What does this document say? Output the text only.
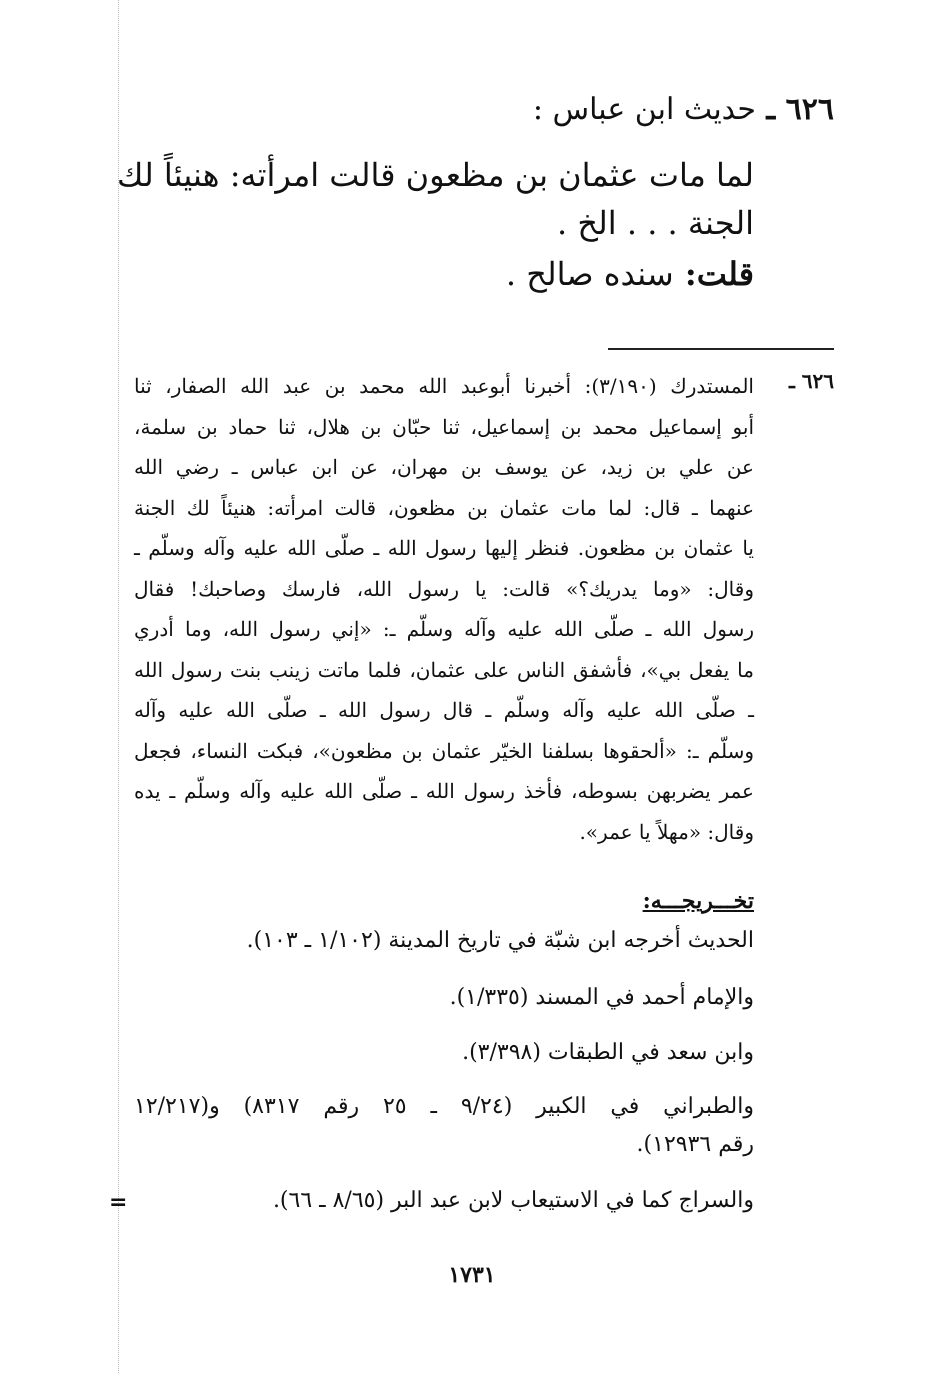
=
٦٢٦ ـ حديث ابن عباس :
لما مات عثمان بن مظعون قالت امرأته: هنيئاً لك
الجنة . . . الخ .
قلت: سنده صالح .
٦٢٦ ـ
المستدرك (٣/١٩٠): أخبرنا أبوعبد الله محمد بن عبد الله الصفار، ثنا
أبو إسماعيل محمد بن إسماعيل، ثنا حبّان بن هلال، ثنا حماد بن سلمة،
عن علي بن زيد، عن يوسف بن مهران، عن ابن عباس ـ رضي الله
عنهما ـ قال: لما مات عثمان بن مظعون، قالت امرأته: هنيئاً لك الجنة
يا عثمان بن مظعون. فنظر إليها رسول الله ـ صلّى الله عليه وآله وسلّم ـ
وقال: «وما يدريك؟» قالت: يا رسول الله، فارسك وصاحبك! فقال
رسول الله ـ صلّى الله عليه وآله وسلّم ـ: «إني رسول الله، وما أدري
ما يفعل بي»، فأشفق الناس على عثمان، فلما ماتت زينب بنت رسول الله
ـ صلّى الله عليه وآله وسلّم ـ قال رسول الله ـ صلّى الله عليه وآله
وسلّم ـ: «ألحقوها بسلفنا الخيّر عثمان بن مظعون»، فبكت النساء، فجعل
عمر يضربهن بسوطه، فأخذ رسول الله ـ صلّى الله عليه وآله وسلّم ـ يده
وقال: «مهلاً يا عمر».
تخـــريجـــه:
الحديث أخرجه ابن شبّة في تاريخ المدينة (١/١٠٢ ـ ١٠٣).
والإمام أحمد في المسند (١/٣٣٥).
وابن سعد في الطبقات (٣/٣٩٨).
والطبراني في الكبير (٩/٢٤ ـ ٢٥ رقم ٨٣١٧) و(١٢/٢١٧
رقم ١٢٩٣٦).
والسراج كما في الاستيعاب لابن عبد البر (٨/٦٥ ـ ٦٦).
١٧٣١
